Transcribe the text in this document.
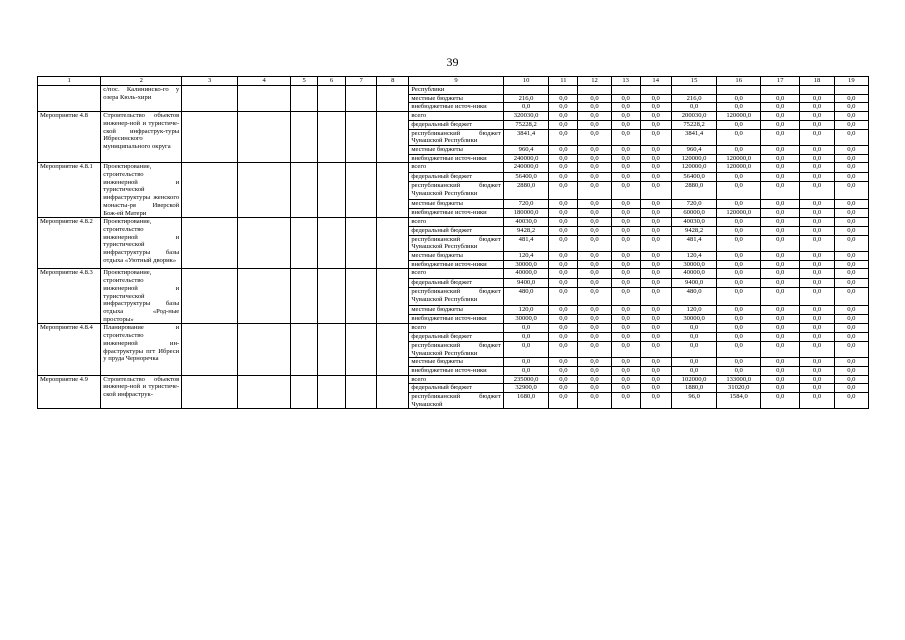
39
1	2	3	4	5	6	7	8	9	10	11	12	13	14	15	16	17	18	19
	с/пос. Калининско-го у озера Кюль-хири							Республики										
								местные бюджеты	216,0	0,0	0,0	0,0	0,0	216,0	0,0	0,0	0,0	0,0
								внебюджетные источ-ники	0,0	0,0	0,0	0,0	0,0	0,0	0,0	0,0	0,0	0,0
Мероприятие 4.8	Строительство объектов инженер-ной и туристиче-ской инфраструк-туры Ибресинского муниципального округа							всего	320030,0	0,0	0,0	0,0	0,0	200030,0	120000,0	0,0	0,0	0,0
								федеральный бюджет	75228,2	0,0	0,0	0,0	0,0	75228,2	0,0	0,0	0,0	0,0
								республиканский бюджет Чувашской Республики	3841,4	0,0	0,0	0,0	0,0	3841,4	0,0	0,0	0,0	0,0
								местные бюджеты	960,4	0,0	0,0	0,0	0,0	960,4	0,0	0,0	0,0	0,0
								внебюджетные источ-ники	240000,0	0,0	0,0	0,0	0,0	120000,0	120000,0	0,0	0,0	0,0
Мероприятие 4.8.1	Проектирование, строительство инженерной и туристической инфраструктуры женского монасты-ря Иверской Бож-ей Матери							всего	240000,0	0,0	0,0	0,0	0,0	120000,0	120000,0	0,0	0,0	0,0
								федеральный бюджет	56400,0	0,0	0,0	0,0	0,0	56400,0	0,0	0,0	0,0	0,0
								республиканский бюджет Чувашской Республики	2880,0	0,0	0,0	0,0	0,0	2880,0	0,0	0,0	0,0	0,0
								местные бюджеты	720,0	0,0	0,0	0,0	0,0	720,0	0,0	0,0	0,0	0,0
								внебюджетные источ-ники	180000,0	0,0	0,0	0,0	0,0	60000,0	120000,0	0,0	0,0	0,0
Мероприятие 4.8.2	Проектирование, строительство инженерной и туристической инфраструктуры базы отдыха «Уютный дворик»							всего	40030,0	0,0	0,0	0,0	0,0	40030,0	0,0	0,0	0,0	0,0
								федеральный бюджет	9428,2	0,0	0,0	0,0	0,0	9428,2	0,0	0,0	0,0	0,0
								республиканский бюджет Чувашской Республики	481,4	0,0	0,0	0,0	0,0	481,4	0,0	0,0	0,0	0,0
								местные бюджеты	120,4	0,0	0,0	0,0	0,0	120,4	0,0	0,0	0,0	0,0
								внебюджетные источ-ники	30000,0	0,0	0,0	0,0	0,0	30000,0	0,0	0,0	0,0	0,0
Мероприятие 4.8.3	Проектирование, строительство инженерной и туристической инфраструктуры базы отдыха «Род-ные просторы»							всего	40000,0	0,0	0,0	0,0	0,0	40000,0	0,0	0,0	0,0	0,0
								федеральный бюджет	9400,0	0,0	0,0	0,0	0,0	9400,0	0,0	0,0	0,0	0,0
								республиканский бюджет Чувашской Республики	480,0	0,0	0,0	0,0	0,0	480,0	0,0	0,0	0,0	0,0
								местные бюджеты	120,0	0,0	0,0	0,0	0,0	120,0	0,0	0,0	0,0	0,0
								внебюджетные источ-ники	30000,0	0,0	0,0	0,0	0,0	30000,0	0,0	0,0	0,0	0,0
Мероприятие 4.8.4	Планирование и строительство инженерной ин-фраструктуры пгт Ибреси у пруда Черноречка							всего	0,0	0,0	0,0	0,0	0,0	0,0	0,0	0,0	0,0	0,0
								федеральный бюджет	0,0	0,0	0,0	0,0	0,0	0,0	0,0	0,0	0,0	0,0
								республиканский бюджет Чувашской Республики	0,0	0,0	0,0	0,0	0,0	0,0	0,0	0,0	0,0	0,0
								местные бюджеты	0,0	0,0	0,0	0,0	0,0	0,0	0,0	0,0	0,0	0,0
								внебюджетные источ-ники	0,0	0,0	0,0	0,0	0,0	0,0	0,0	0,0	0,0	0,0
Мероприятие 4.9	Строительство объектов инженер-ной и туристиче-ской инфраструк-							всего	235000,0	0,0	0,0	0,0	0,0	102000,0	133000,0	0,0	0,0	0,0
								федеральный бюджет	32900,0	0,0	0,0	0,0	0,0	1880,0	31020,0	0,0	0,0	0,0
								республиканский бюджет Чувашской	1680,0	0,0	0,0	0,0	0,0	96,0	1584,0	0,0	0,0	0,0
